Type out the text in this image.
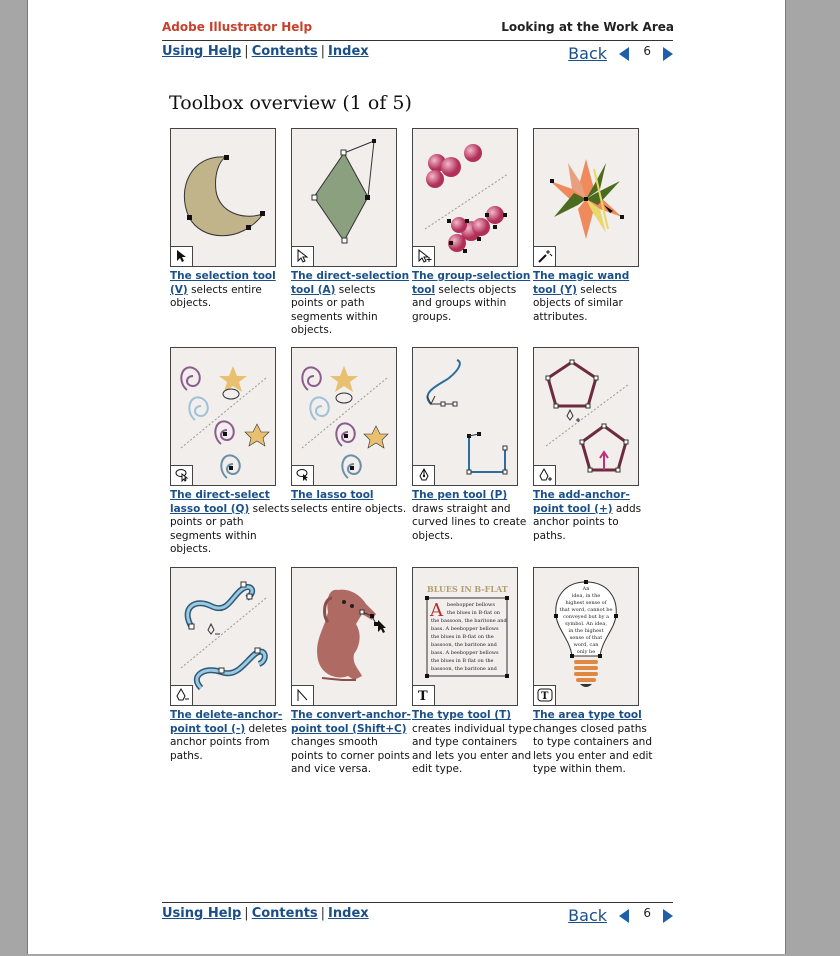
Adobe Illustrator Help	Looking at the Work Area
Using Help | Contents | Index	Back	6
Toolbox overview (1 of 5)
The selection tool (V) selects entire objects.
The direct-selection tool (A) selects points or path segments within objects.
The group-selection tool selects objects and groups within groups.
The magic wand tool (Y) selects objects of similar attributes.
The direct-select lasso tool (Q) selects points or path segments within objects.
The lasso tool selects entire objects.
The pen tool (P) draws straight and curved lines to create objects.
The add-anchor-point tool (+) adds anchor points to paths.
The delete-anchor-point tool (-) deletes anchor points from paths.
The convert-anchor-point tool (Shift+C) changes smooth points to corner points and vice versa.
BLUES IN B-FLAT
A beebopper bellows
the blues in B-flat on
the bassoon, the baritone and
bass. A beebopper bellows
the blues in B-flat on the
bassoon, the baritone and
bass. A beebopper bellows
the blues in B flat on the
bassoon, the baritone and
T
The type tool (T) creates individual type and type containers and lets you enter and edit type.
An
idea, in the
highest sense of
that word, cannot be
conveyed but by a
symbol. An idea,
in the highest
sense of that
word, can
only be
T
The area type tool changes closed paths to type containers and lets you enter and edit type within them.
Using Help | Contents | Index	Back	6
